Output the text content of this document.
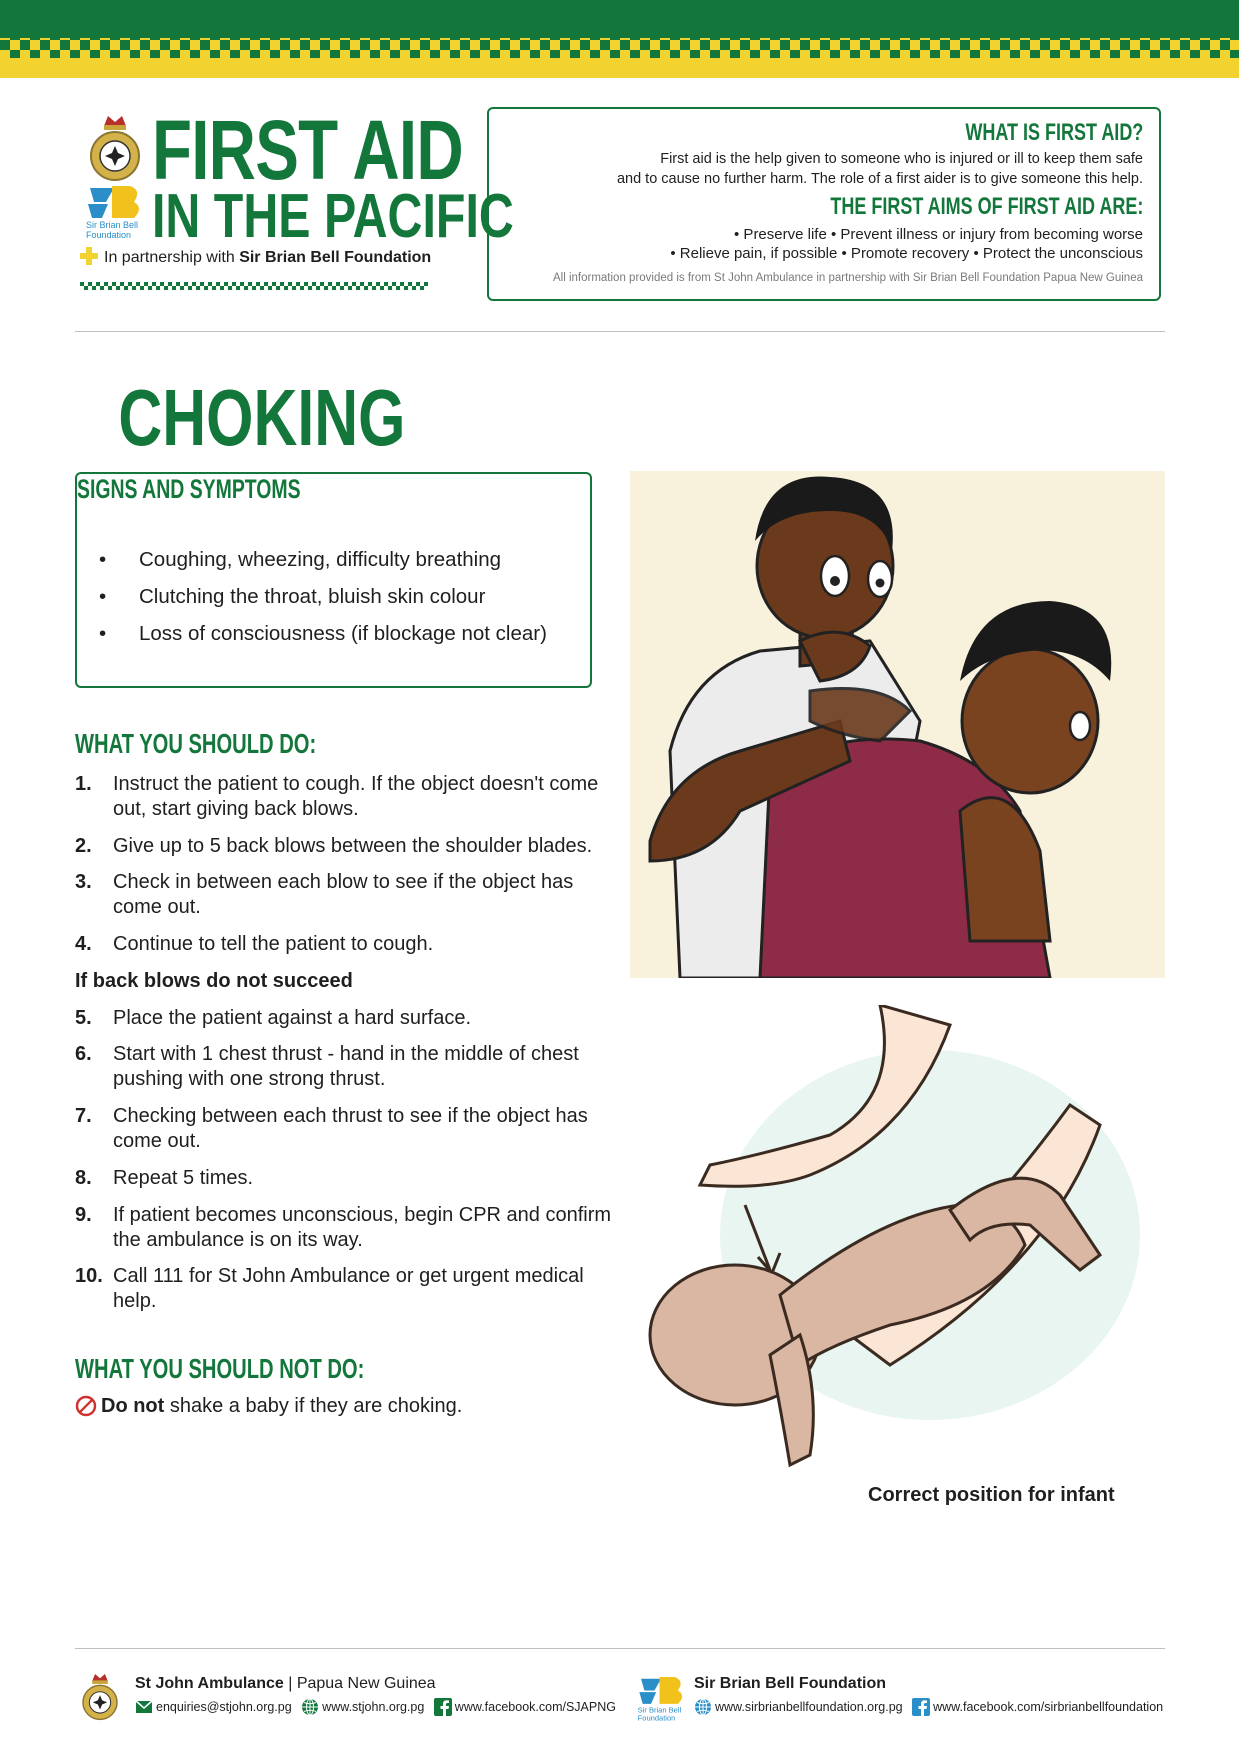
Sir Brian Bell
Foundation
FIRST AID
IN THE PACIFIC
In partnership with Sir Brian Bell Foundation
WHAT IS FIRST AID?
First aid is the help given to someone who is injured or ill to keep them safe
and to cause no further harm. The role of a first aider is to give someone this help.
THE FIRST AIMS OF FIRST AID ARE:
• Preserve life • Prevent illness or injury from becoming worse
• Relieve pain, if possible • Promote recovery • Protect the unconscious
All information provided is from St John Ambulance in partnership with Sir Brian Bell Foundation Papua New Guinea
CHOKING
SIGNS AND SYMPTOMS
• Coughing, wheezing, difficulty breathing
• Clutching the throat, bluish skin colour
• Loss of consciousness (if blockage not clear)
WHAT YOU SHOULD DO:
1. Instruct the patient to cough. If the object doesn't come out, start giving back blows.
2. Give up to 5 back blows between the shoulder blades.
3. Check in between each blow to see if the object has come out.
4. Continue to tell the patient to cough.
If back blows do not succeed
5. Place the patient against a hard surface.
6. Start with 1 chest thrust - hand in the middle of chest pushing with one strong thrust.
7. Checking between each thrust to see if the object has come out.
8. Repeat 5 times.
9. If patient becomes unconscious, begin CPR and confirm the ambulance is on its way.
10. Call 111 for St John Ambulance or get urgent medical help.
WHAT YOU SHOULD NOT DO:
Do not shake a baby if they are choking.
Correct position for infant
St John Ambulance | Papua New Guinea
enquiries@stjohn.org.pg www.stjohn.org.pg www.facebook.com/SJAPNG Sir Brian Bell
Foundation
Sir Brian Bell Foundation
www.sirbrianbellfoundation.org.pg www.facebook.com/sirbrianbellfoundation
